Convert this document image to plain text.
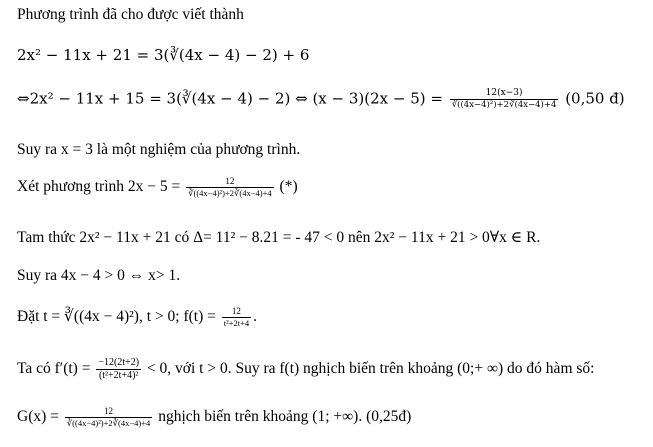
Phương trình đã cho được viết thành
2x² − 11x + 21 = 3(∛(4x − 4) − 2) + 6
⇔2x² − 11x + 15 = 3(∛(4x − 4) − 2) ⇔ $(x - 3)(2x - 5) = \frac{12(x-3)}{\text{∛((4x−4)²)+2∛(4x−4)+4}} (0,50$ đ)
Suy ra x = 3 là một nghiệm của phương trình.
Xét phương trình $2x - 5 = \frac{12}{\text{∛((4x−4)²)+2∛(4x−4)+4}}$ (*)
Tam thức 2x² − 11x + 21 có Δ= 11² − 8.21 = - 47 < 0 nên 2x² − 11x + 21 > 0∀x ∈ R.
Suy ra 4x − 4 > 0 ⇔ x> 1.
Đặt t = ∛((4x − 4)²), t > 0; $f(t) = \frac{12}{\text{t²+2t+4}}$ .
Ta có $f'(t) = \frac{-12(2t+2)}{\text{(t²+2t+4)²}} < 0$, với t > 0. Suy ra f(t) nghịch biến trên khoảng (0;+ ∞) do đó hàm số:
$G(x) = \frac{12}{\text{∛((4x−4)²)+2∛(4x−4)+4}}$ nghịch biến trên khoảng (1; +∞). (0,25đ)
